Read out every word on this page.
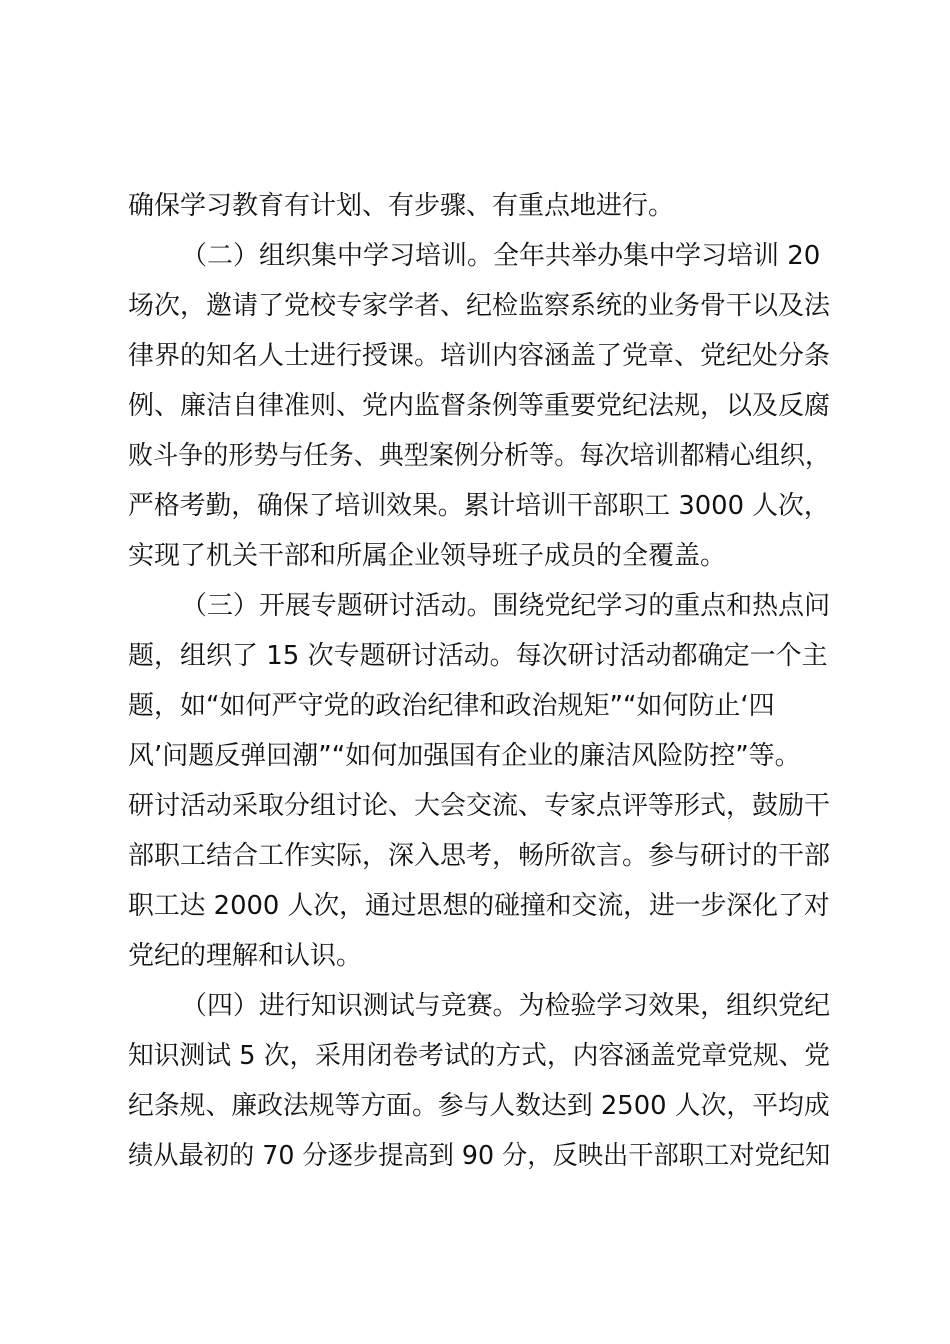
确保学习教育有计划、有步骤、有重点地进行。
（二）组织集中学习培训。全年共举办集中学习培训 20
场次，邀请了党校专家学者、纪检监察系统的业务骨干以及法
律界的知名人士进行授课。培训内容涵盖了党章、党纪处分条
例、廉洁自律准则、党内监督条例等重要党纪法规，以及反腐
败斗争的形势与任务、典型案例分析等。每次培训都精心组织，
严格考勤，确保了培训效果。累计培训干部职工 3000 人次，
实现了机关干部和所属企业领导班子成员的全覆盖。
（三）开展专题研讨活动。围绕党纪学习的重点和热点问
题，组织了 15 次专题研讨活动。每次研讨活动都确定一个主
题，如“如何严守党的政治纪律和政治规矩”“如何防止‘四
风’问题反弹回潮”“如何加强国有企业的廉洁风险防控”等。
研讨活动采取分组讨论、大会交流、专家点评等形式，鼓励干
部职工结合工作实际，深入思考，畅所欲言。参与研讨的干部
职工达 2000 人次，通过思想的碰撞和交流，进一步深化了对
党纪的理解和认识。
（四）进行知识测试与竞赛。为检验学习效果，组织党纪
知识测试 5 次，采用闭卷考试的方式，内容涵盖党章党规、党
纪条规、廉政法规等方面。参与人数达到 2500 人次，平均成
绩从最初的 70 分逐步提高到 90 分，反映出干部职工对党纪知
